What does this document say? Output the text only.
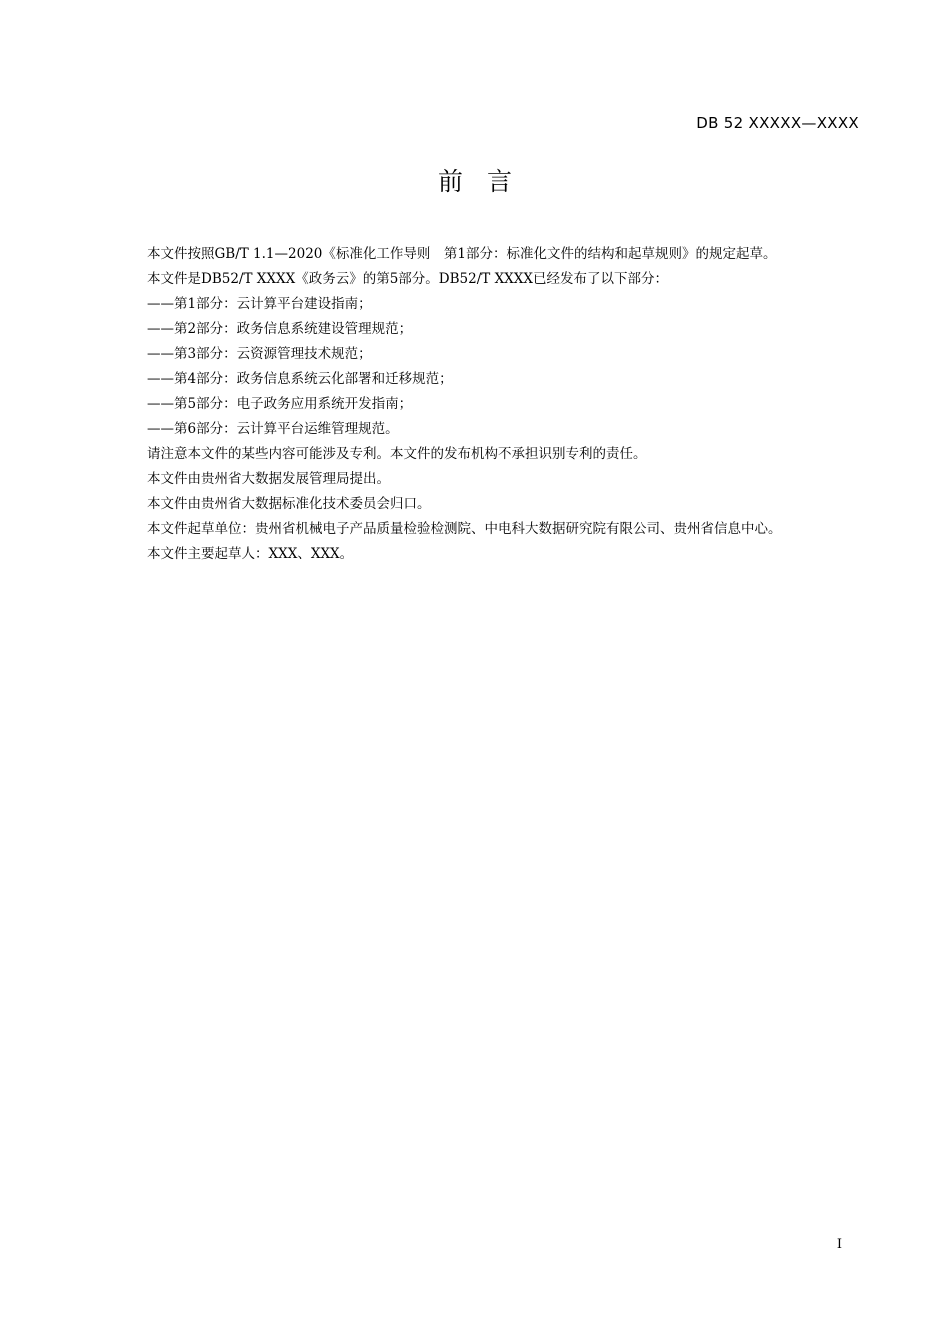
DB 52 XXXXX—XXXX
前言

本文件按照GB/T 1.1—2020《标准化工作导则　第1部分：标准化文件的结构和起草规则》的规定起草。

本文件是DB52/T XXXX《政务云》的第5部分。DB52/T XXXX已经发布了以下部分：

——第1部分：云计算平台建设指南；

——第2部分：政务信息系统建设管理规范；

——第3部分：云资源管理技术规范；

——第4部分：政务信息系统云化部署和迁移规范；

——第5部分：电子政务应用系统开发指南；

——第6部分：云计算平台运维管理规范。

请注意本文件的某些内容可能涉及专利。本文件的发布机构不承担识别专利的责任。

本文件由贵州省大数据发展管理局提出。

本文件由贵州省大数据标准化技术委员会归口。

本文件起草单位：贵州省机械电子产品质量检验检测院、中电科大数据研究院有限公司、贵州省信息中心。

本文件主要起草人：XXX、XXX。

I
